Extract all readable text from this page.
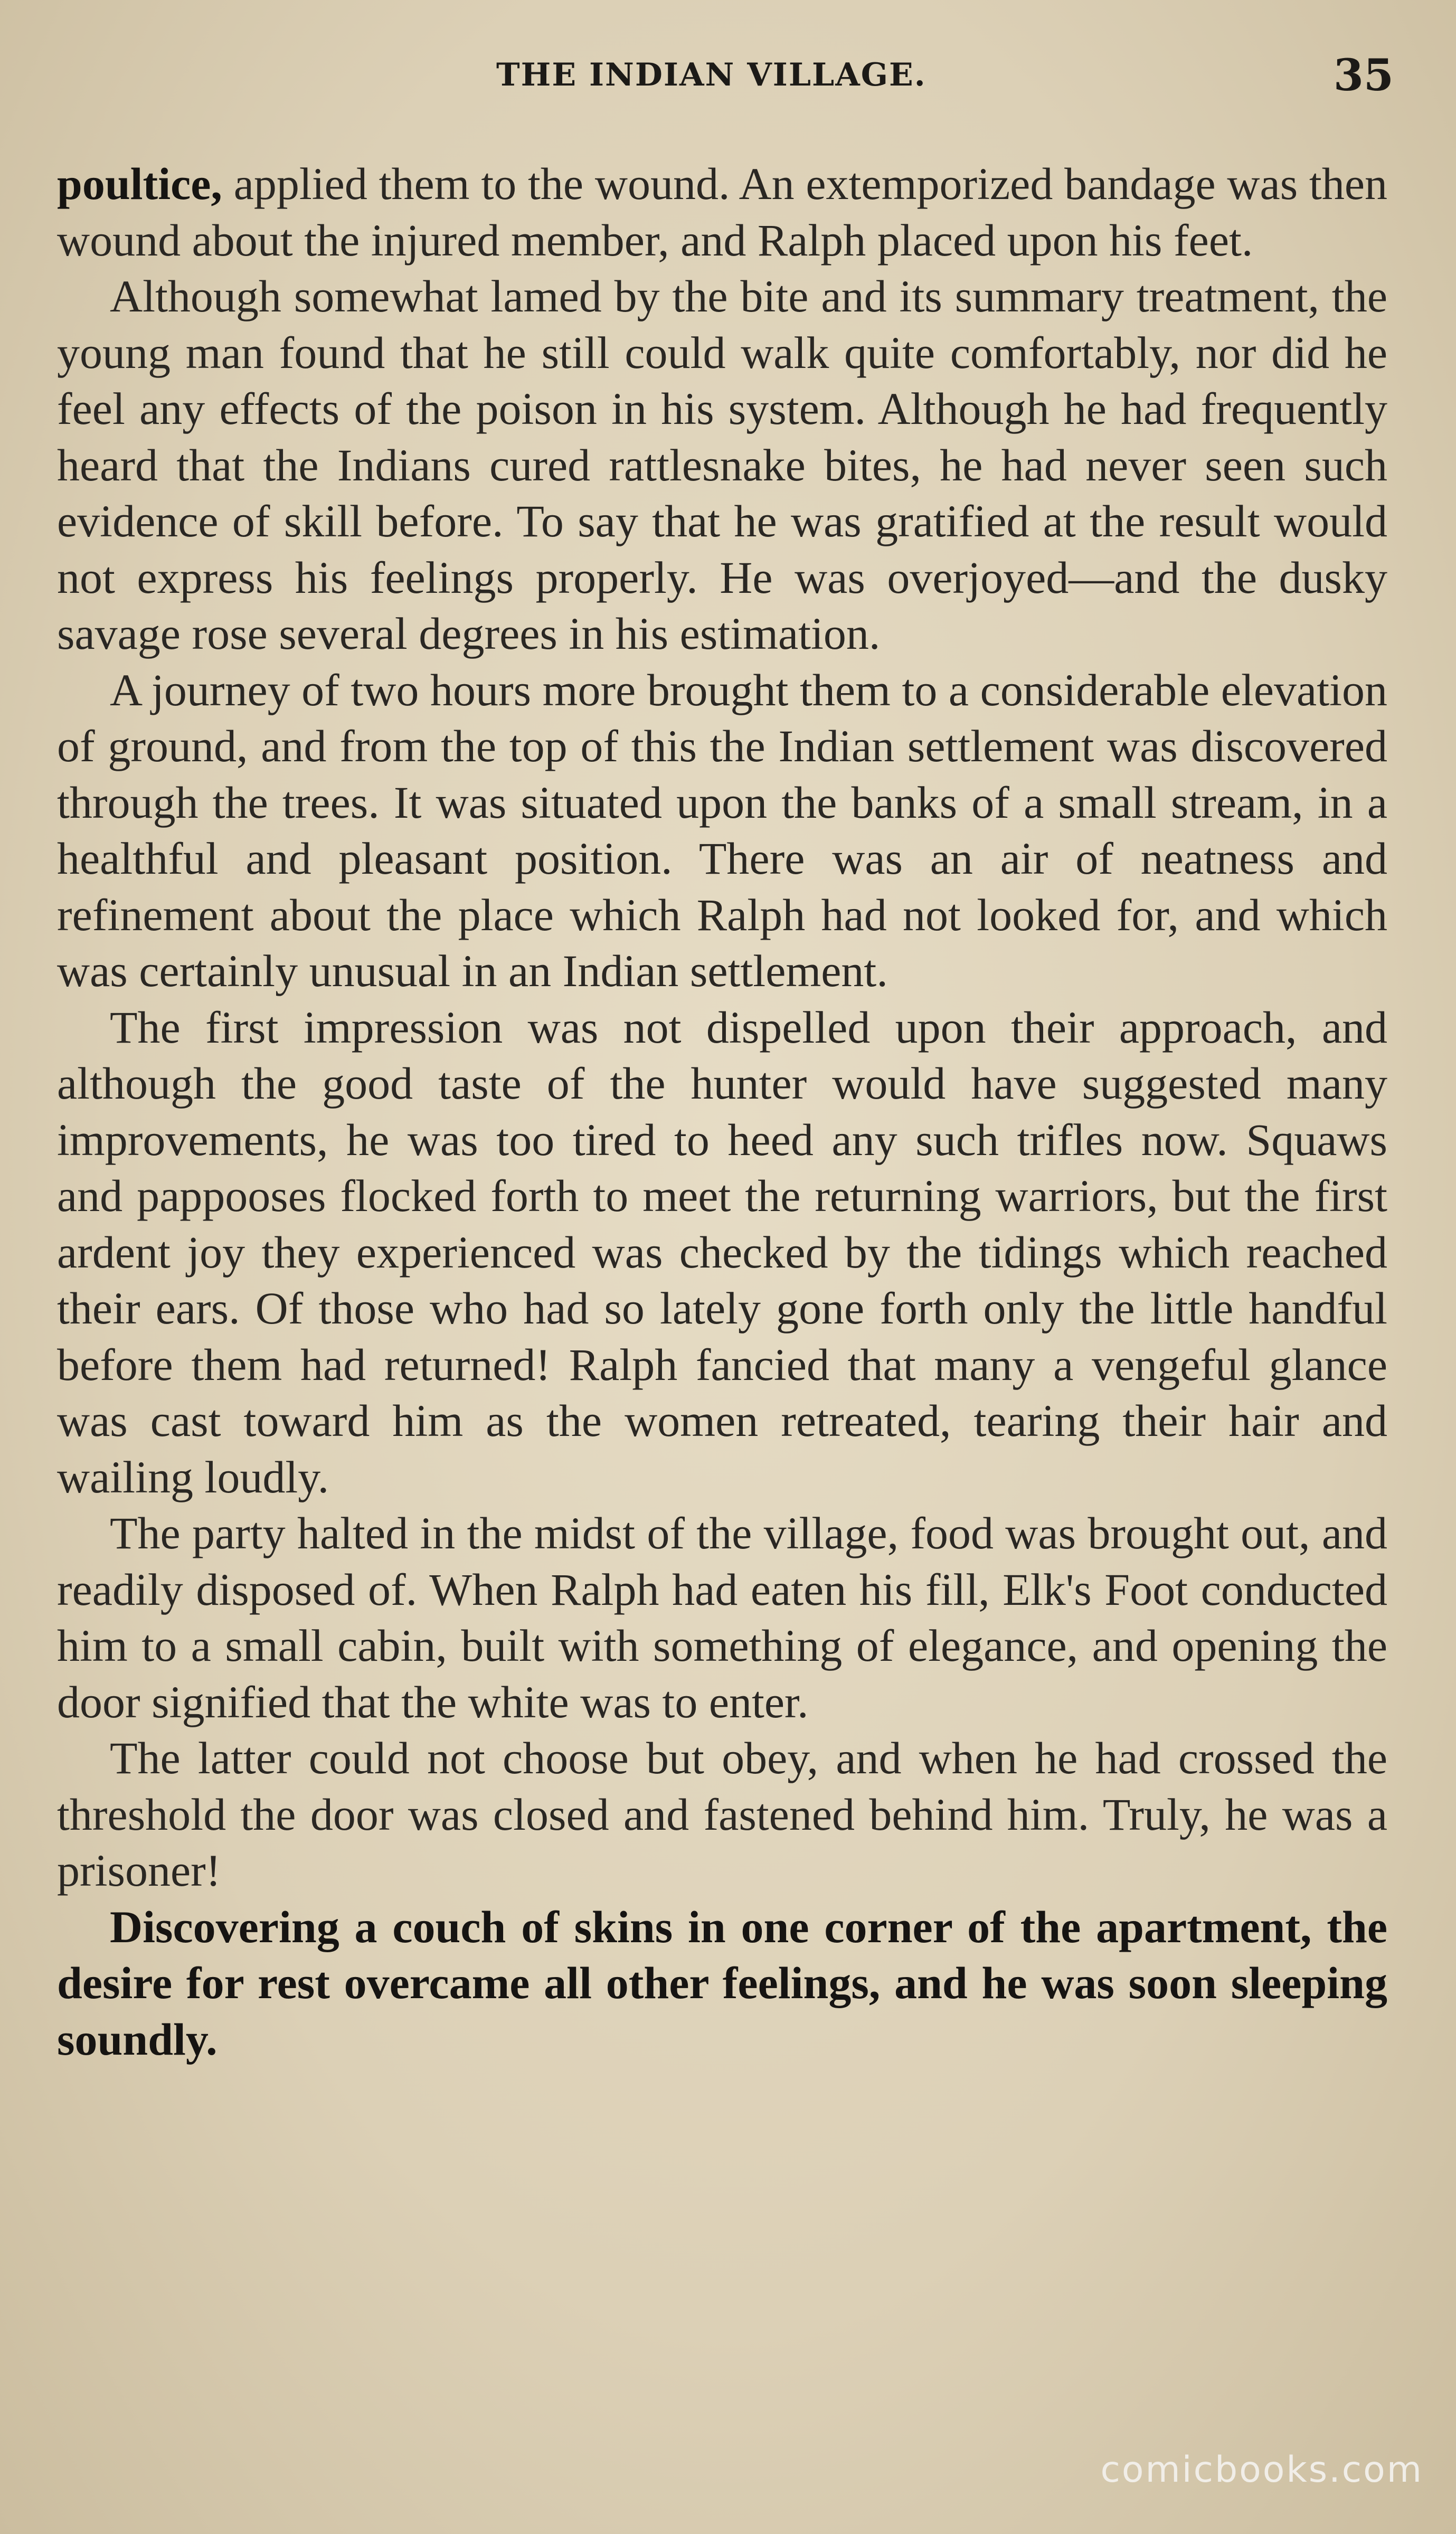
THE INDIAN VILLAGE.	35

poultice, applied them to the wound. An extemporized bandage was then wound about the injured member, and Ralph placed upon his feet.

Although somewhat lamed by the bite and its summary treatment, the young man found that he still could walk quite comfortably, nor did he feel any effects of the poison in his system. Although he had frequently heard that the Indians cured rattlesnake bites, he had never seen such evidence of skill before. To say that he was gratified at the result would not express his feelings properly. He was overjoyed—and the dusky savage rose several degrees in his estimation.

A journey of two hours more brought them to a considerable elevation of ground, and from the top of this the Indian settlement was discovered through the trees. It was situated upon the banks of a small stream, in a healthful and pleasant position. There was an air of neatness and refinement about the place which Ralph had not looked for, and which was certainly unusual in an Indian settlement.

The first impression was not dispelled upon their approach, and although the good taste of the hunter would have suggested many improvements, he was too tired to heed any such trifles now. Squaws and pappooses flocked forth to meet the returning warriors, but the first ardent joy they experienced was checked by the tidings which reached their ears. Of those who had so lately gone forth only the little handful before them had returned! Ralph fancied that many a vengeful glance was cast toward him as the women retreated, tearing their hair and wailing loudly.

The party halted in the midst of the village, food was brought out, and readily disposed of. When Ralph had eaten his fill, Elk's Foot conducted him to a small cabin, built with something of elegance, and opening the door signified that the white was to enter.

The latter could not choose but obey, and when he had crossed the threshold the door was closed and fastened behind him. Truly, he was a prisoner!

Discovering a couch of skins in one corner of the apartment, the desire for rest overcame all other feelings, and he was soon sleeping soundly.

comicbooks.com
